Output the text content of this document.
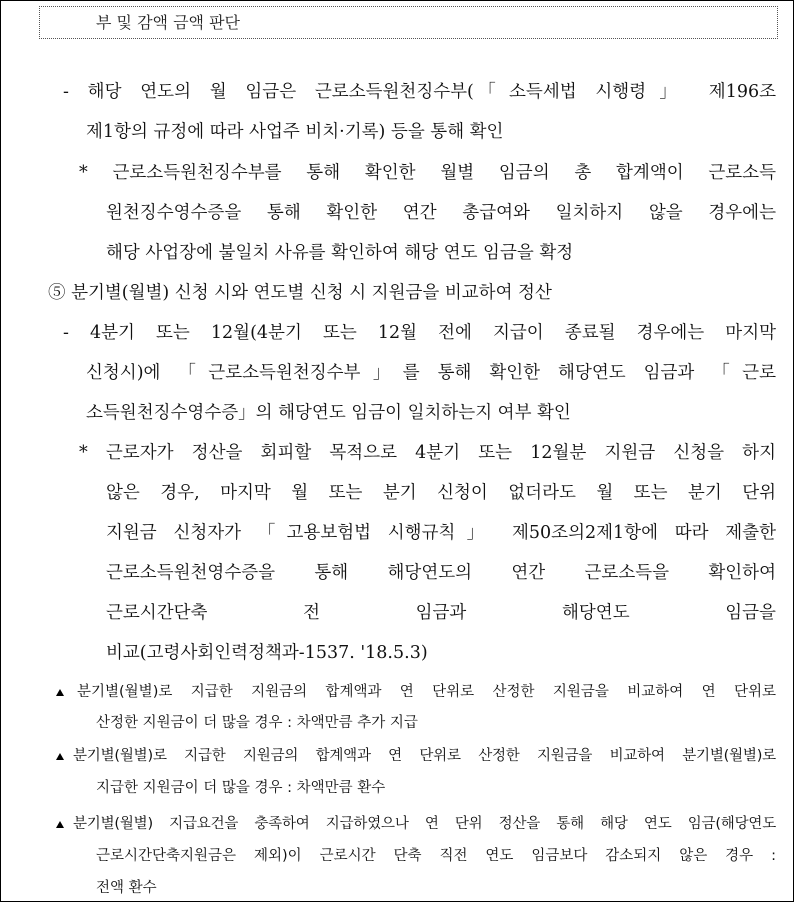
부 및 감액 금액 판단
- 해당 연도의 월 임금은 근로소득원천징수부(「소득세법 시행령」 제196조
제1항의 규정에 따라 사업주 비치·기록) 등을 통해 확인
* 근로소득원천징수부를 통해 확인한 월별 임금의 총 합계액이 근로소득
원천징수영수증을 통해 확인한 연간 총급여와 일치하지 않을 경우에는
해당 사업장에 불일치 사유를 확인하여 해당 연도 임금을 확정
⑤ 분기별(월별) 신청 시와 연도별 신청 시 지원금을 비교하여 정산
- 4분기 또는 12월(4분기 또는 12월 전에 지급이 종료될 경우에는 마지막
신청시)에 「근로소득원천징수부」를 통해 확인한 해당연도 임금과 「근로
소득원천징수영수증」의 해당연도 임금이 일치하는지 여부 확인
* 근로자가 정산을 회피할 목적으로 4분기 또는 12월분 지원금 신청을 하지
않은 경우, 마지막 월 또는 분기 신청이 없더라도 월 또는 분기 단위
지원금 신청자가 「고용보험법 시행규칙」 제50조의2제1항에 따라 제출한
근로소득원천영수증을 통해 해당연도의 연간 근로소득을 확인하여
근로시간단축	전	임금과	해당연도	임금을
비교(고령사회인력정책과-1537. '18.5.3)
분기별(월별)로 지급한 지원금의 합계액과 연 단위로 산정한 지원금을 비교하여 연 단위로
산정한 지원금이 더 많을 경우 : 차액만큼 추가 지급
분기별(월별)로 지급한 지원금의 합계액과 연 단위로 산정한 지원금을 비교하여 분기별(월별)로
지급한 지원금이 더 많을 경우 : 차액만큼 환수
분기별(월별) 지급요건을 충족하여 지급하였으나 연 단위 정산을 통해 해당 연도 임금(해당연도
근로시간단축지원금은 제외)이 근로시간 단축 직전 연도 임금보다 감소되지 않은 경우 :
전액 환수
